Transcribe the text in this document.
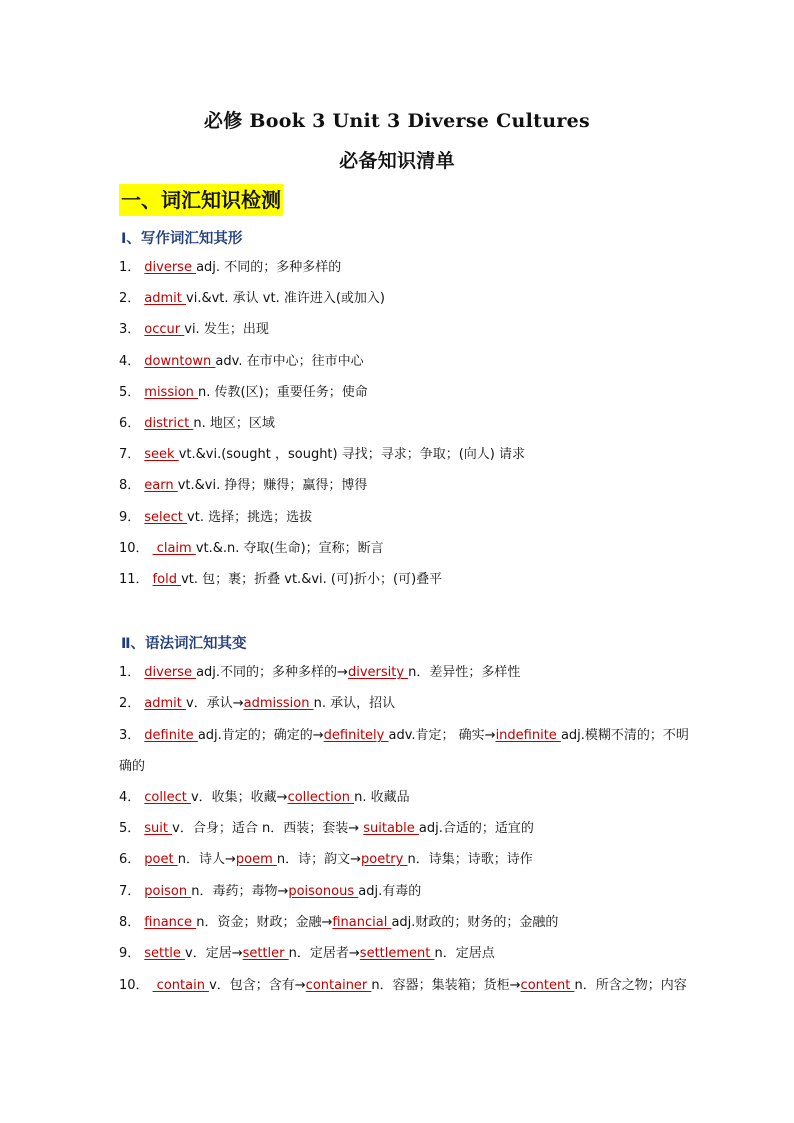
必修 Book 3 Unit 3 Diverse Cultures
必备知识清单
一、词汇知识检测
Ⅰ、写作词汇知其形
1． diverse adj. 不同的；多种多样的
2． admit vi.&vt. 承认 vt. 准许进入(或加入)
3． occur vi. 发生；出现
4． downtown adv. 在市中心；往市中心
5． mission n. 传教(区)；重要任务；使命
6． district n. 地区；区域
7． seek vt.&vi.(sought ，sought) 寻找；寻求；争取；(向人) 请求
8． earn vt.&vi. 挣得；赚得；赢得；博得
9． select vt. 选择；挑选；选拔
10． claim vt.&.n. 夺取(生命)；宣称；断言
11． fold vt. 包；裹；折叠 vt.&vi. (可)折小；(可)叠平
Ⅱ、语法词汇知其变
1． diverse adj.不同的；多种多样的→diversity n．差异性；多样性
2． admit v．承认→admission n. 承认，招认
3． definite adj.肯定的；确定的→definitely adv.肯定； 确实→indefinite adj.模糊不清的；不明确的
4． collect v．收集；收藏→collection n. 收藏品
5． suit v．合身；适合 n．西装；套装→ suitable adj.合适的；适宜的
6． poet n．诗人→poem n．诗；韵文→poetry n．诗集；诗歌；诗作
7． poison n．毒药；毒物→poisonous adj.有毒的
8． finance n．资金；财政；金融→financial adj.财政的；财务的；金融的
9． settle v．定居→settler n．定居者→settlement n．定居点
10． contain v．包含；含有→container n．容器；集装箱；货柜→content n．所含之物；内容
